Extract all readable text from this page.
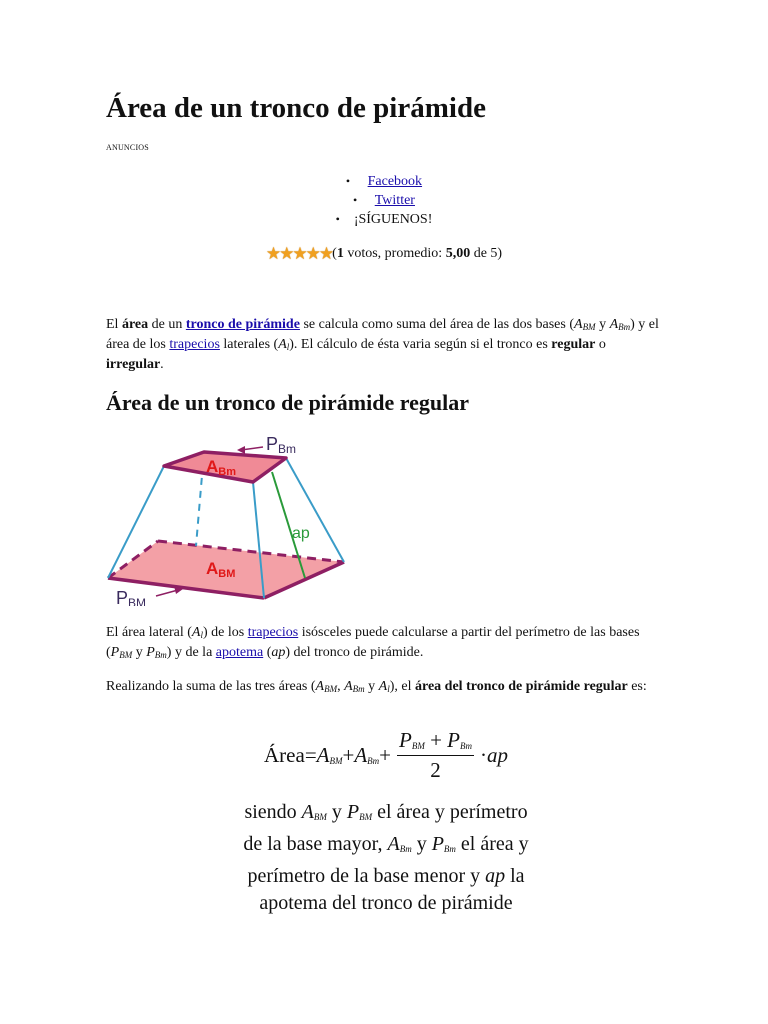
Área de un tronco de pirámide
ANUNCIOS
• Facebook
• Twitter
• ¡SÍGUENOS!
★★★★★(1 votos, promedio: 5,00 de 5)

El área de un tronco de pirámide se calcula como suma del área de las dos bases ($A_{BM}$ y $A_{Bm}$) y el área de los trapecios laterales $(A_l)$. El cálculo de ésta varia según si el tronco es regular o irregular.

Área de un tronco de pirámide regular
ABm
PBm
ap
ABM
PBM

El área lateral $(A_l)$ de los trapecios isósceles puede calcularse a partir del perímetro de las bases ($P_{BM}$ y $P_{Bm}$) y de la apotema (ap) del tronco de pirámide.

Realizando la suma de las tres áreas ($A_{BM}$, $A_{Bm}$ y $A_l$), el área del tronco de pirámide regular es:

Área = $A_{BM} + A_{Bm} + \frac{P_{BM} + P_{Bm}}{2}$ · ap
siendo $A_{BM}$ y $P_{BM}$ el área y perímetro
de la base mayor, $A_{Bm}$ y $P_{Bm}$ el área y
perímetro de la base menor y ap la
apotema del tronco de pirámide
